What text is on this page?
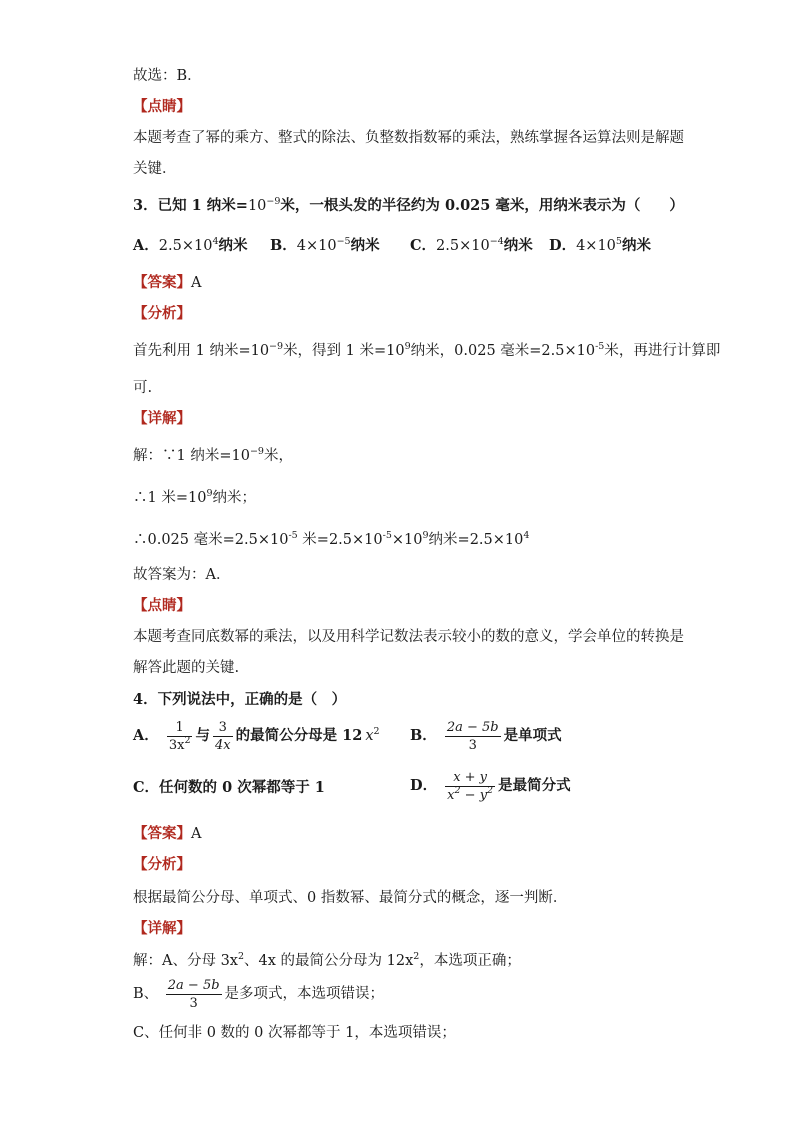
故选：B．
【点睛】
本题考查了幂的乘方、整式的除法、负整数指数幂的乘法，熟练掌握各运算法则是解题
关键．
3．已知 1 纳米$=10^{-9}$米，一根头发的半径约为 0.025 毫米，用纳米表示为（　　）
A．$2.5\times 10^4$纳米 B．$4\times 10^{-5}$纳米 C．$2.5\times 10^{-4}$纳米 D．$4\times 10^5$纳米
【答案】A
【分析】
首先利用 1 纳米$=10^{-9}$米，得到 1 米$=10^9$纳米，0.025 毫米$=2.5\times 10^{-5}$米，再进行计算即
可.
【详解】
解：∵1 纳米$=10^{-9}$米，
∴1 米$=10^9$纳米；
∴0.025 毫米$=2.5\times 10^{-5}$ 米$=2.5\times 10^{-5}\times 10^9$纳米$=2.5\times 10^4$
故答案为：A．
【点睛】
本题考查同底数幂的乘法，以及用科学记数法表示较小的数的意义，学会单位的转换是
解答此题的关键.
4．下列说法中，正确的是（　）
A． $\frac{1}{3x^2}$ 与 $\frac{3}{4x}$ 的最简公分母是 12 $x^2$ B． $\frac{2a - 5b}{3}$ 是单项式
C．任何数的 0 次幂都等于 1	D． $\frac{x + y}{x^2 - y^2}$ 是最简分式
【答案】A
【分析】
根据最简公分母、单项式、0 指数幂、最简分式的概念，逐一判断．
【详解】
解：A、分母 $3x^2$、4x 的最简公分母为 $12x^2$，本选项正确；
B、 $\frac{2a - 5b}{3}$ 是多项式，本选项错误；
C、任何非 0 数的 0 次幂都等于 1，本选项错误；
